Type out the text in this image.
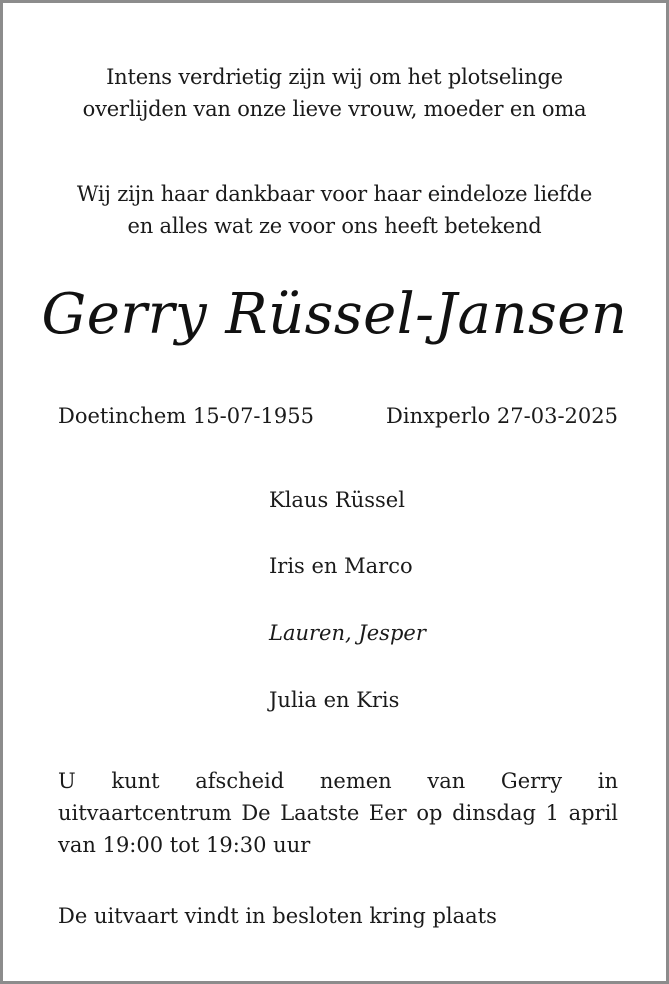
Intens verdrietig zijn wij om het plotselinge
overlijden van onze lieve vrouw, moeder en oma
Wij zijn haar dankbaar voor haar eindeloze liefde
en alles wat ze voor ons heeft betekend
Gerry Rüssel-Jansen
Doetinchem 15-07-1955	Dinxperlo 27-03-2025
Klaus Rüssel
Iris en Marco
Lauren, Jesper
Julia en Kris
U kunt afscheid nemen van Gerry in uitvaartcentrum De Laatste Eer op dinsdag 1 april van 19:00 tot 19:30 uur
De uitvaart vindt in besloten kring plaats
